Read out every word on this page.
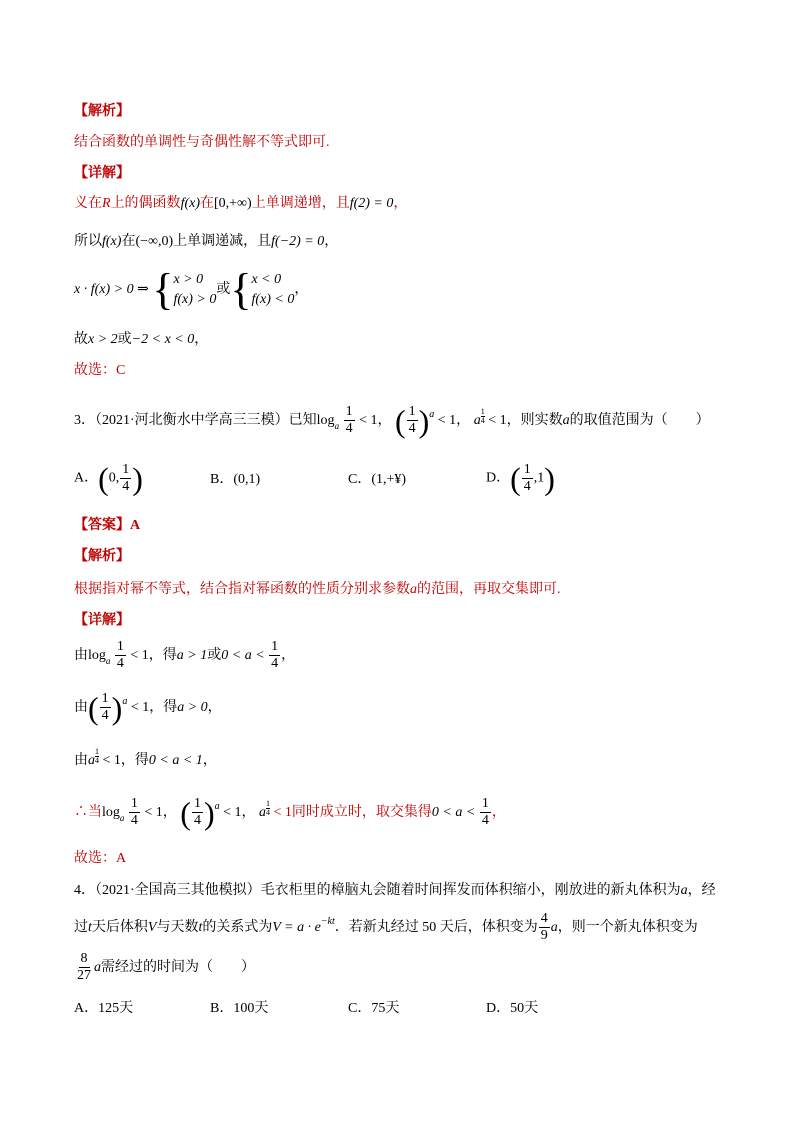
【解析】
结合函数的单调性与奇偶性解不等式即可.
【详解】
义在R上的偶函数f(x)在[0,+∞)上单调递增，且f(2) = 0，
所以f(x)在(−∞,0)上单调递减，且f(−2) = 0，
x · f(x) > 0 ⇒ { x > 0
f(x) > 0
或 { x < 0
f(x) < 0
，
故x > 2或−2 < x < 0，
故选：C
3．（2021·河北衡水中学高三三模）已知$\log_a \frac{1}{4} < 1$， ( $\frac{1}{4} )^a < 1$， a $\frac{1}{4} < 1$，则实数a的取值范围为（　　）
A．(0, $\frac{1}{4}$ )	B．(0,1)	C．(1,+¥)	D．( $\frac{1}{4} ,1$)
【答案】A
【解析】
根据指对幂不等式，结合指对幂函数的性质分别求参数a的范围，再取交集即可.
【详解】
由$\log_a \frac{1}{4} < 1$，得a > 1或$0 < a < \frac{1}{4}$ ，
由( $\frac{1}{4} )^a < 1$，得a > 0，
由a $\frac{1}{4} < 1$，得0 < a < 1，
∴当$\log_a \frac{1}{4} < 1$， ( $\frac{1}{4} )^a < 1$， a $\frac{1}{4} < 1$同时成立时，取交集得$0 < a < \frac{1}{4}$ ，
故选：A
4．（2021·全国高三其他模拟）毛衣柜里的樟脑丸会随着时间挥发而体积缩小，刚放进的新丸体积为a，经
过t天后体积V与天数t的关系式为$V = a \cdot e^{-kt}$．若新丸经过 50 天后，体积变为 $\frac{4}{9}$ a，则一个新丸体积变为
$\frac{8}{27}$ a需经过的时间为（　　）
A．125天	B．100天	C．75天	D．50天
